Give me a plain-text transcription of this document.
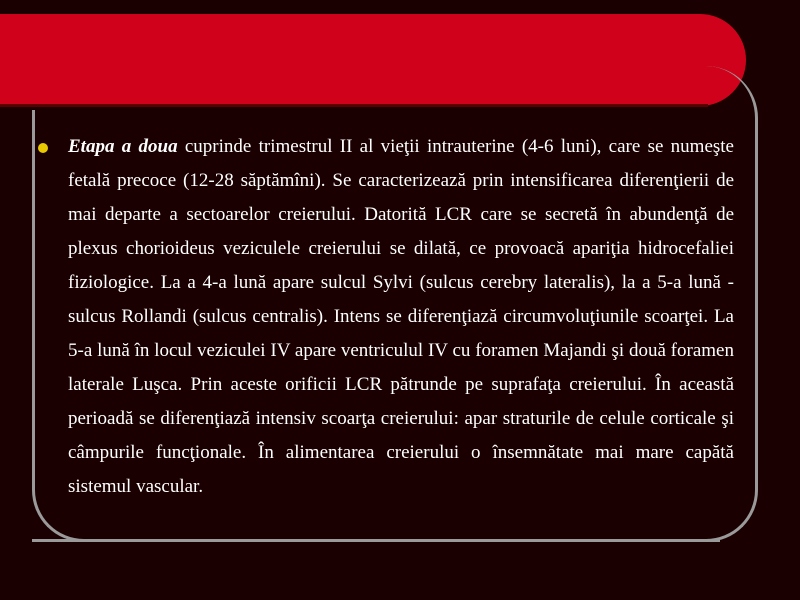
Etapa a doua cuprinde trimestrul II al vieţii intrauterine (4-6 luni), care se numeşte fetală precoce (12-28 săptămîni). Se caracterizează prin intensificarea diferenţierii de mai departe a sectoarelor creierului. Datorită LCR care se secretă în abundenţă de plexus chorioideus veziculele creierului se dilată, ce provoacă apariţia hidrocefaliei fiziologice. La a 4-a lună apare sulcul Sylvi (sulcus cerebry lateralis), la a 5-a lună - sulcus Rollandi (sulcus centralis). Intens se diferenţiază circumvoluţiunile scoarţei. La 5-a lună în locul veziculei IV apare ventriculul IV cu foramen Majandi şi două foramen laterale Luşca. Prin aceste orificii LCR pătrunde pe suprafaţa creierului. În această perioadă se diferenţiază intensiv scoarţa creierului: apar straturile de celule corticale şi câmpurile funcţionale. În alimentarea creierului o însemnătate mai mare capătă sistemul vascular.
